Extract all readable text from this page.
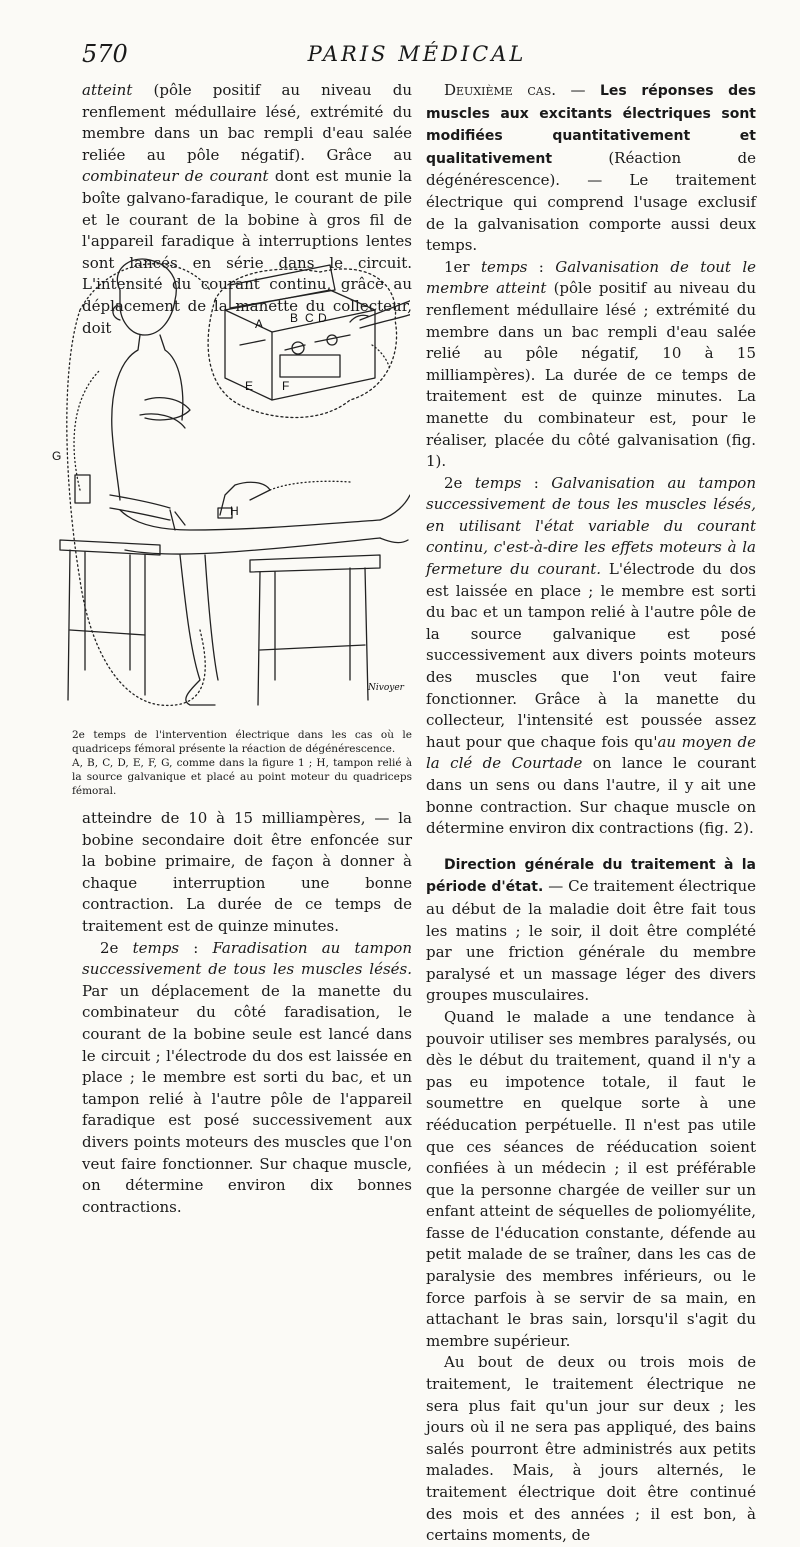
570	PARIS MÉDICAL

atteint (pôle positif au niveau du renflement médullaire lésé, extrémité du membre dans un bac rempli d'eau salée reliée au pôle négatif). Grâce au combinateur de courant dont est munie la boîte galvano-faradique, le courant de pile et le courant de la bobine à gros fil de l'appareil faradique à interruptions lentes sont lancés en série dans le circuit. L'intensité du courant continu, grâce au déplacement de la manette du collecteur, doit	A B C D
E F
G
H
Nivoyer

2e temps de l'intervention électrique dans les cas où le quadriceps fémoral présente la réaction de dégénérescence.

A, B, C, D, E, F, G, comme dans la figure 1 ; H, tampon relié à la source galvanique et placé au point moteur du quadriceps fémoral.

atteindre de 10 à 15 milliampères, — la bobine secondaire doit être enfoncée sur la bobine primaire, de façon à donner à chaque interruption une bonne contraction. La durée de ce temps de traitement est de quinze minutes.

2e temps : Faradisation au tampon successivement de tous les muscles lésés. Par un déplacement de la manette du combinateur du côté faradisation, le courant de la bobine seule est lancé dans le circuit ; l'électrode du dos est laissée en place ; le membre est sorti du bac, et un tampon relié à l'autre pôle de l'appareil faradique est posé successivement aux divers points moteurs des muscles que l'on veut faire fonctionner. Sur chaque muscle, on détermine environ dix bonnes contractions.

Deuxième cas. — Les réponses des muscles aux excitants électriques sont modifiées quantitativement et qualitativement (Réaction de dégénérescence). — Le traitement électrique qui comprend l'usage exclusif de la galvanisation comporte aussi deux temps.

1er temps : Galvanisation de tout le membre atteint (pôle positif au niveau du renflement médullaire lésé ; extrémité du membre dans un bac rempli d'eau salée relié au pôle négatif, 10 à 15 milliampères). La durée de ce temps de traitement est de quinze minutes. La manette du combinateur est, pour le réaliser, placée du côté galvanisation (fig. 1).

2e temps : Galvanisation au tampon successivement de tous les muscles lésés, en utilisant l'état variable du courant continu, c'est-à-dire les effets moteurs à la fermeture du courant. L'électrode du dos est laissée en place ; le membre est sorti du bac et un tampon relié à l'autre pôle de la source galvanique est posé successivement aux divers points moteurs des muscles que l'on veut faire fonctionner. Grâce à la manette du collecteur, l'intensité est poussée assez haut pour que chaque fois qu'au moyen de la clé de Courtade on lance le courant dans un sens ou dans l'autre, il y ait une bonne contraction. Sur chaque muscle on détermine environ dix contractions (fig. 2).

Direction générale du traitement à la période d'état. — Ce traitement électrique au début de la maladie doit être fait tous les matins ; le soir, il doit être complété par une friction générale du membre paralysé et un massage léger des divers groupes musculaires.

Quand le malade a une tendance à pouvoir utiliser ses membres paralysés, ou dès le début du traitement, quand il n'y a pas eu impotence totale, il faut le soumettre en quelque sorte à une rééducation perpétuelle. Il n'est pas utile que ces séances de rééducation soient confiées à un médecin ; il est préférable que la personne chargée de veiller sur un enfant atteint de séquelles de poliomyélite, fasse de l'éducation constante, défende au petit malade de se traîner, dans les cas de paralysie des membres inférieurs, ou le force parfois à se servir de sa main, en attachant le bras sain, lorsqu'il s'agit du membre supérieur.

Au bout de deux ou trois mois de traitement, le traitement électrique ne sera plus fait qu'un jour sur deux ; les jours où il ne sera pas appliqué, des bains salés pourront être administrés aux petits malades. Mais, à jours alternés, le traitement électrique doit être continué des mois et des années ; il est bon, à certains moments, de
